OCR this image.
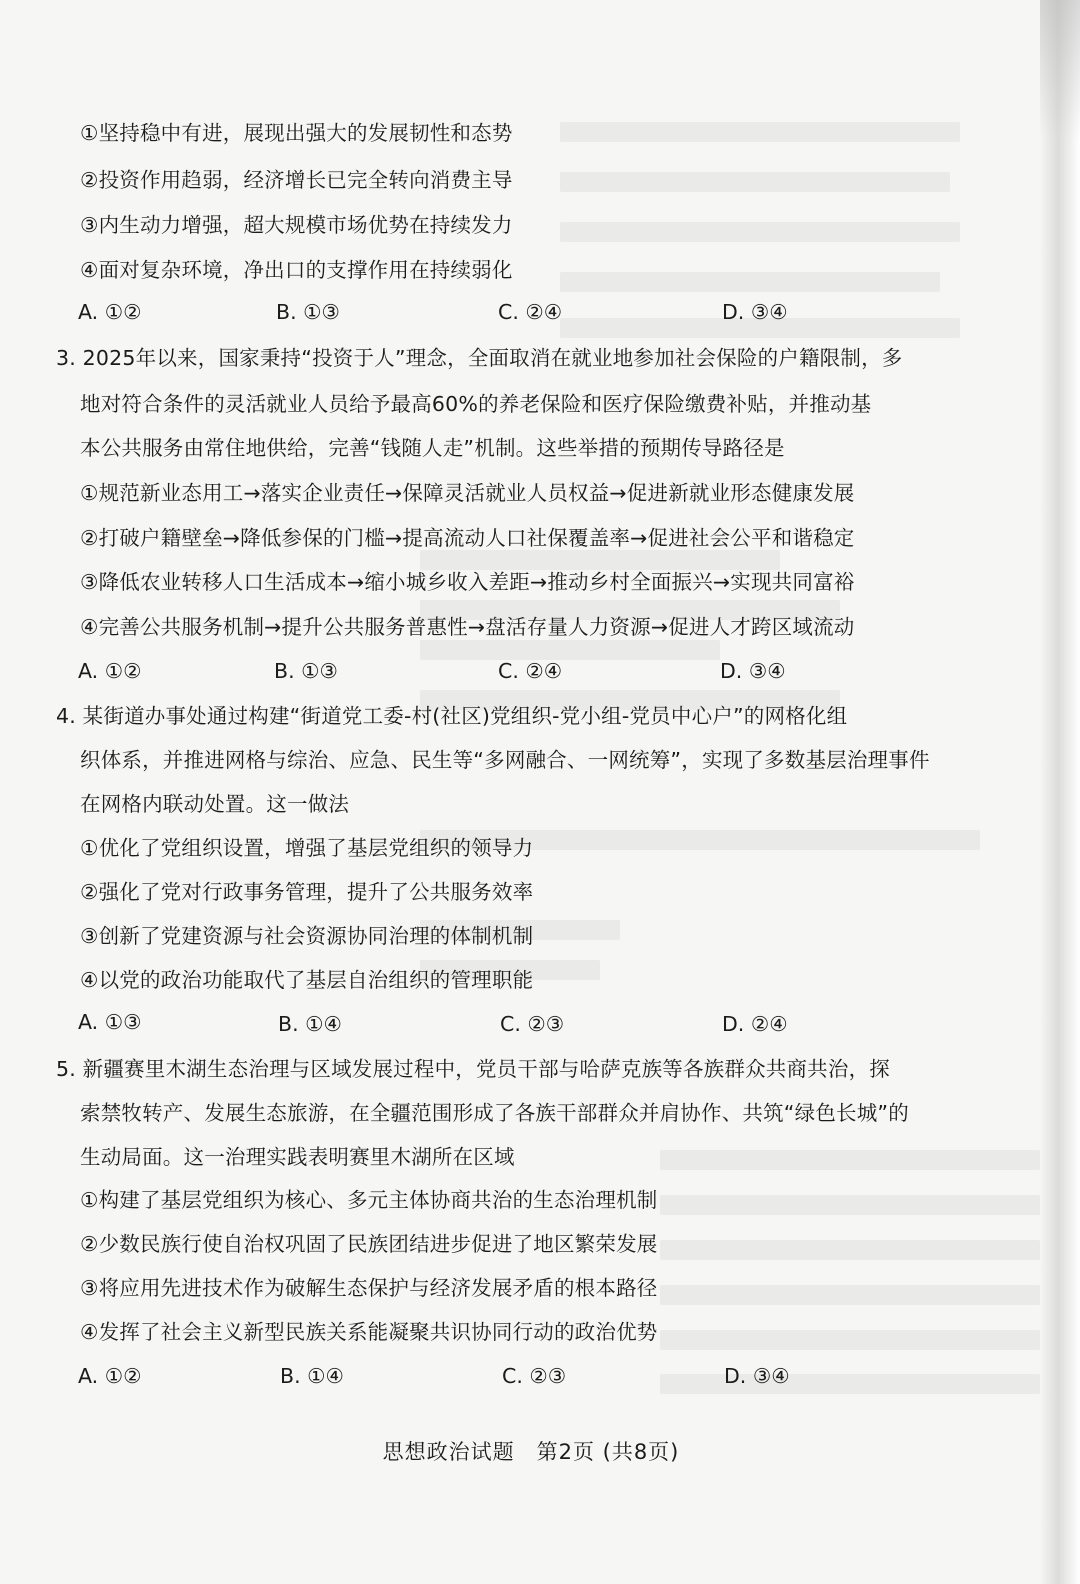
①坚持稳中有进，展现出强大的发展韧性和态势
②投资作用趋弱，经济增长已完全转向消费主导
③内生动力增强，超大规模市场优势在持续发力
④面对复杂环境，净出口的支撑作用在持续弱化
A. ①②	B. ①③	C. ②④	D. ③④
3. 2025年以来，国家秉持“投资于人”理念，全面取消在就业地参加社会保险的户籍限制，多
地对符合条件的灵活就业人员给予最高60%的养老保险和医疗保险缴费补贴，并推动基
本公共服务由常住地供给，完善“钱随人走”机制。这些举措的预期传导路径是
①规范新业态用工→落实企业责任→保障灵活就业人员权益→促进新就业形态健康发展
②打破户籍壁垒→降低参保的门槛→提高流动人口社保覆盖率→促进社会公平和谐稳定
③降低农业转移人口生活成本→缩小城乡收入差距→推动乡村全面振兴→实现共同富裕
④完善公共服务机制→提升公共服务普惠性→盘活存量人力资源→促进人才跨区域流动
A. ①②	B. ①③	C. ②④	D. ③④
4. 某街道办事处通过构建“街道党工委-村(社区)党组织-党小组-党员中心户”的网格化组
织体系，并推进网格与综治、应急、民生等“多网融合、一网统筹”，实现了多数基层治理事件
在网格内联动处置。这一做法
①优化了党组织设置，增强了基层党组织的领导力
②强化了党对行政事务管理，提升了公共服务效率
③创新了党建资源与社会资源协同治理的体制机制
④以党的政治功能取代了基层自治组织的管理职能
A. ①③	B. ①④	C. ②③	D. ②④
5. 新疆赛里木湖生态治理与区域发展过程中，党员干部与哈萨克族等各族群众共商共治，探
索禁牧转产、发展生态旅游，在全疆范围形成了各族干部群众并肩协作、共筑“绿色长城”的
生动局面。这一治理实践表明赛里木湖所在区域
①构建了基层党组织为核心、多元主体协商共治的生态治理机制
②少数民族行使自治权巩固了民族团结进步促进了地区繁荣发展
③将应用先进技术作为破解生态保护与经济发展矛盾的根本路径
④发挥了社会主义新型民族关系能凝聚共识协同行动的政治优势
A. ①②	B. ①④	C. ②③	D. ③④
思想政治试题　第2页 (共8页)
